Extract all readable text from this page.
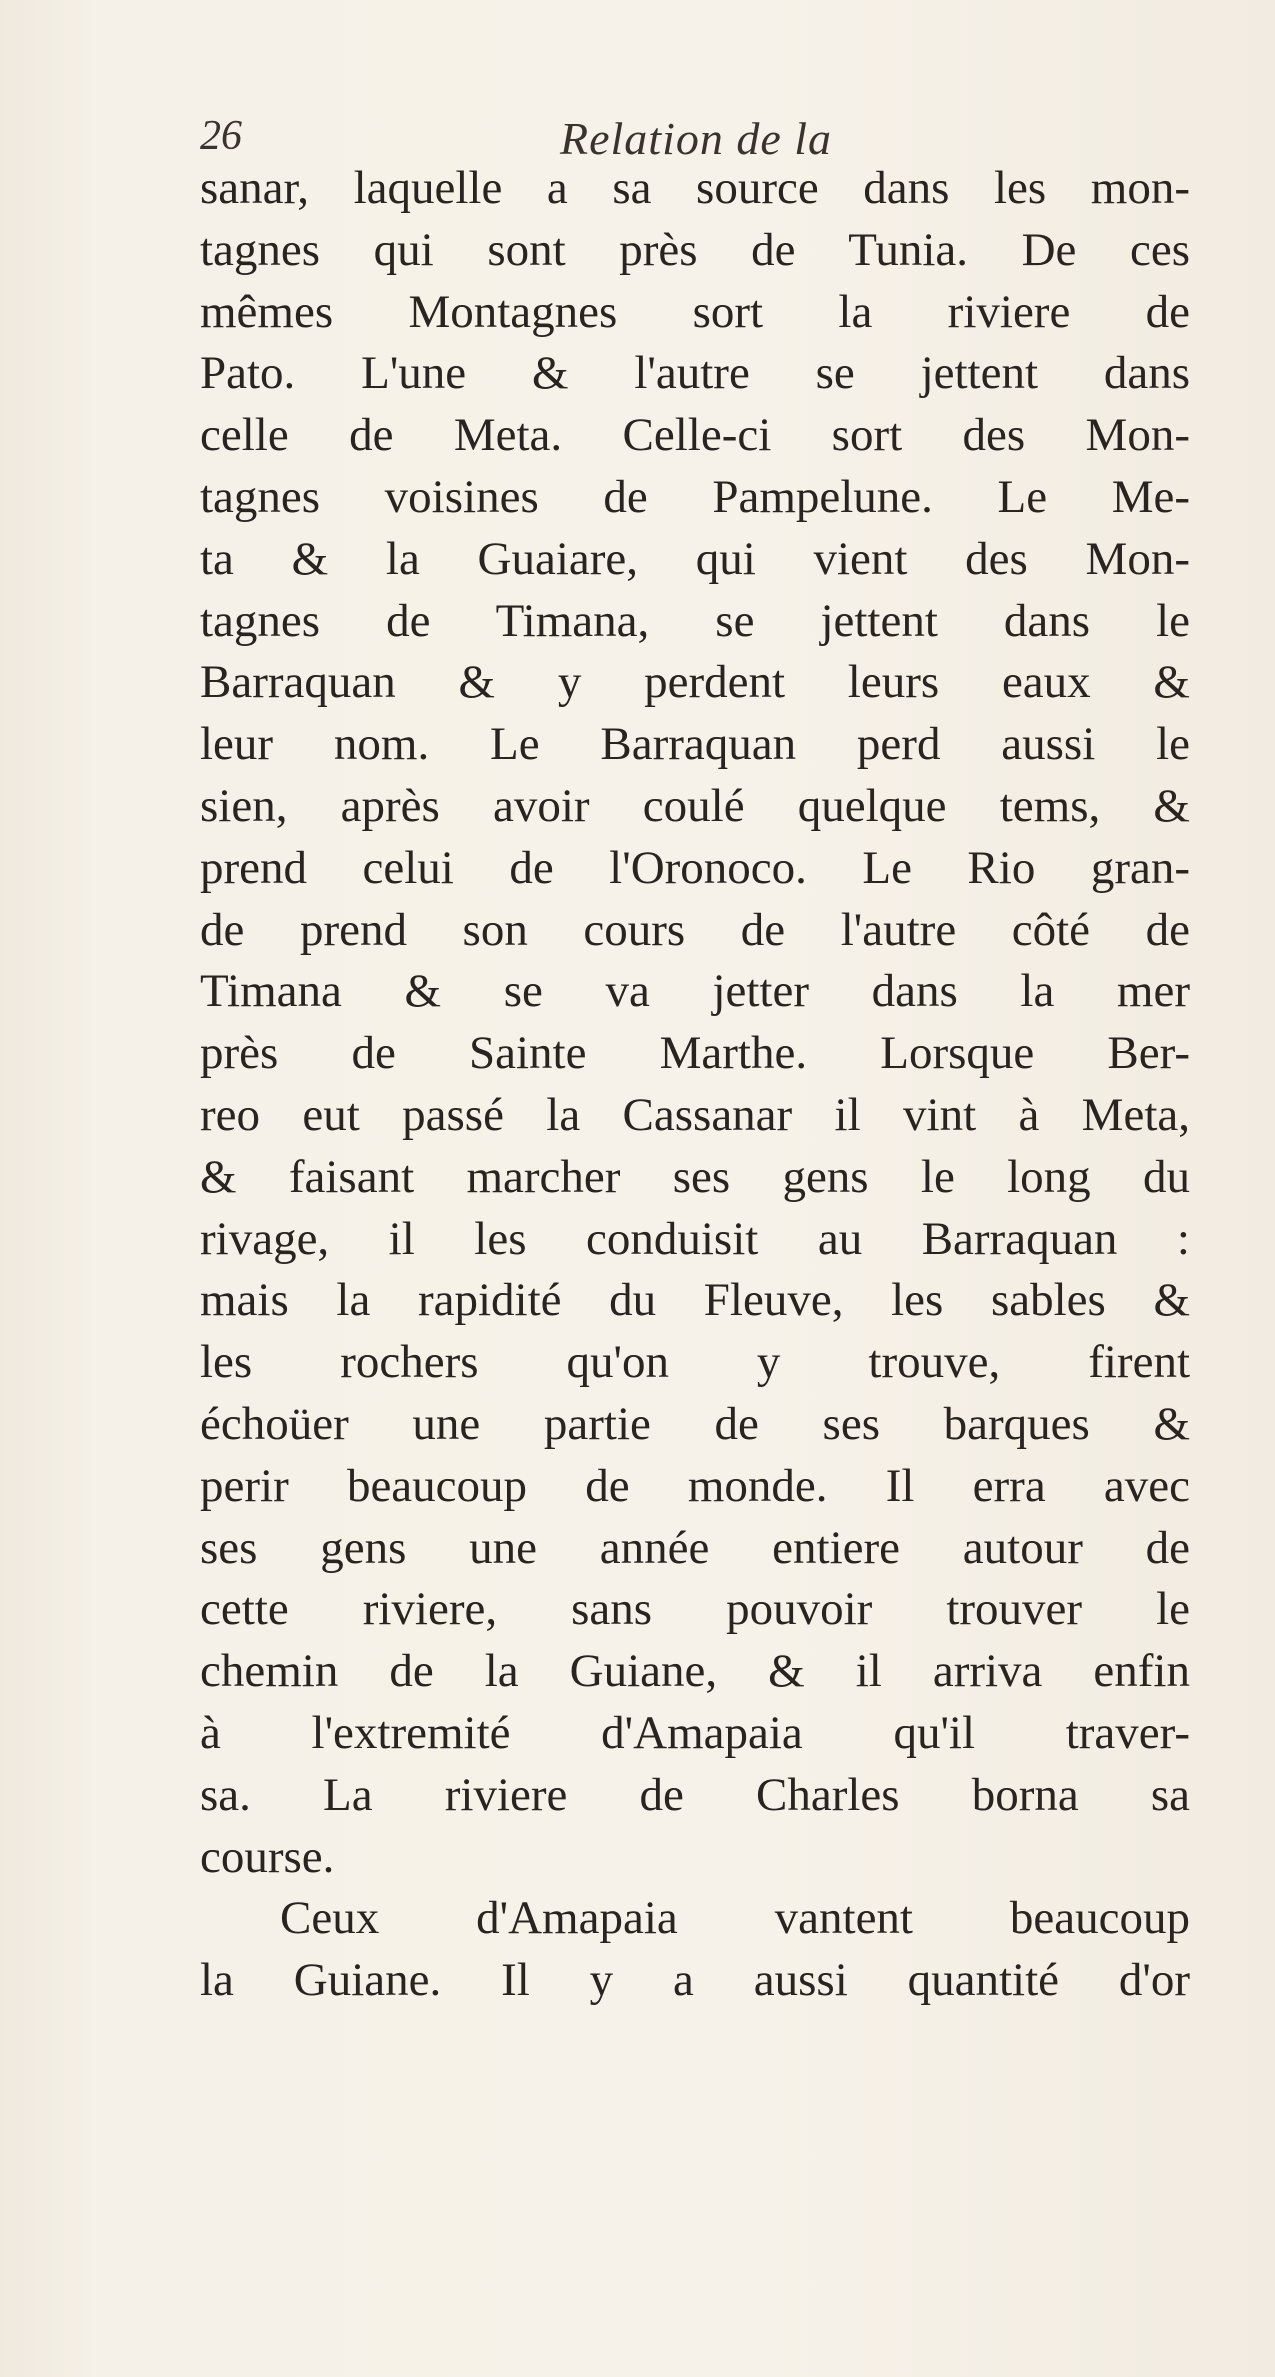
26	Relation de la
sanar, laquelle a sa source dans les mon-
tagnes qui sont près de Tunia. De ces
mêmes Montagnes sort la riviere de
Pato. L'une & l'autre se jettent dans
celle de Meta. Celle-ci sort des Mon-
tagnes voisines de Pampelune. Le Me-
ta & la Guaiare, qui vient des Mon-
tagnes de Timana, se jettent dans le
Barraquan & y perdent leurs eaux &
leur nom. Le Barraquan perd aussi le
sien, après avoir coulé quelque tems, &
prend celui de l'Oronoco. Le Rio gran-
de prend son cours de l'autre côté de
Timana & se va jetter dans la mer
près de Sainte Marthe. Lorsque Ber-
reo eut passé la Cassanar il vint à Meta,
& faisant marcher ses gens le long du
rivage, il les conduisit au Barraquan :
mais la rapidité du Fleuve, les sables &
les rochers qu'on y trouve, firent
échoüer une partie de ses barques &
perir beaucoup de monde. Il erra avec
ses gens une année entiere autour de
cette riviere, sans pouvoir trouver le
chemin de la Guiane, & il arriva enfin
à l'extremité d'Amapaia qu'il traver-
sa. La riviere de Charles borna sa
course.
Ceux d'Amapaia vantent beaucoup
la Guiane. Il y a aussi quantité d'or
